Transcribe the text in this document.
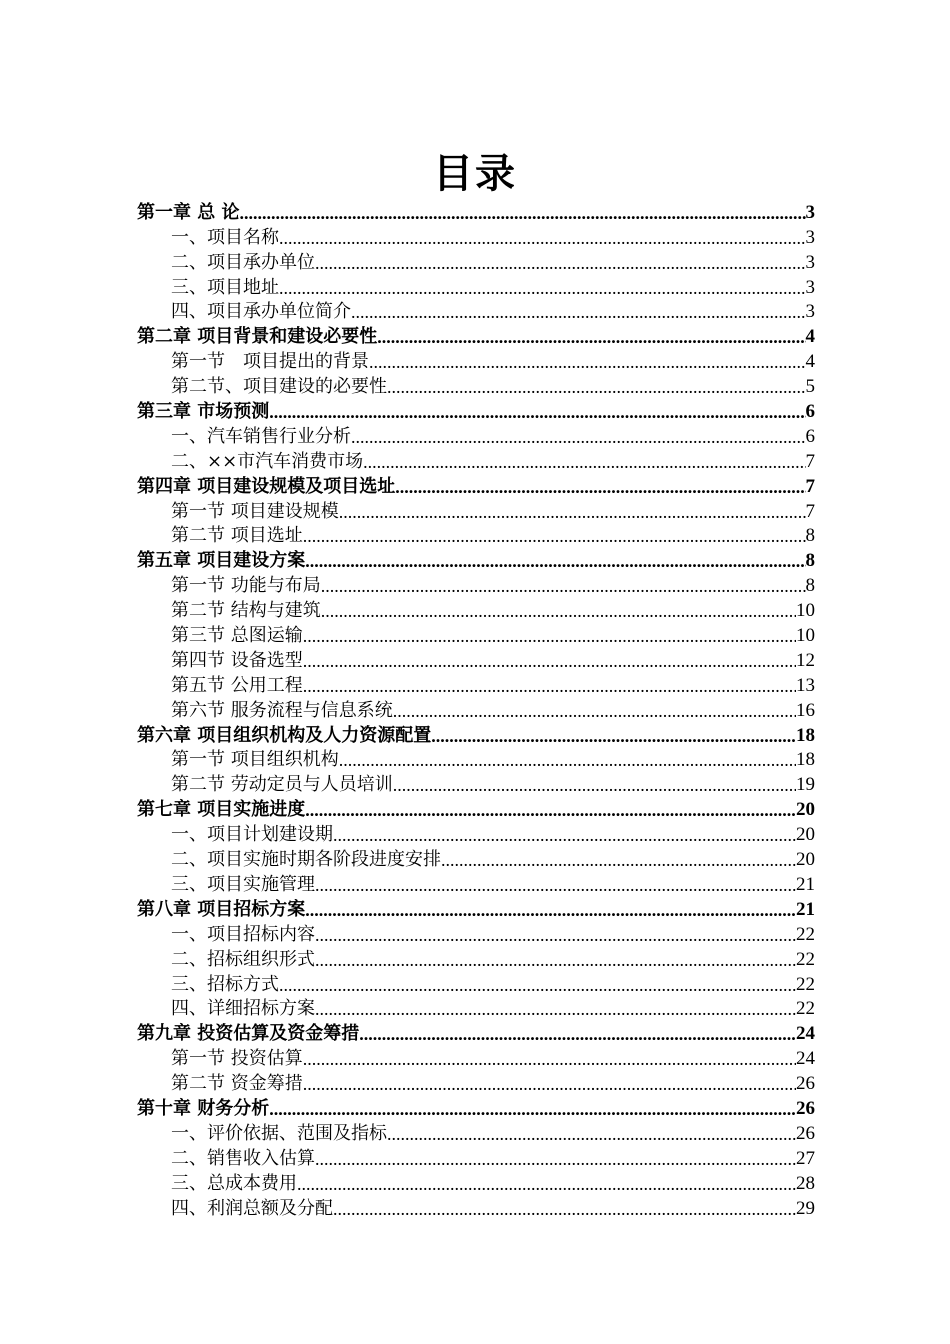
目录
第一章 总 论 .....	3
一、项目名称 .....	3
二、项目承办单位 .....	3
三、项目地址 .....	3
四、项目承办单位简介 .....	3
第二章 项目背景和建设必要性 .....	4
第一节　项目提出的背景 .....	4
第二节、项目建设的必要性 .....	5
第三章 市场预测 .....	6
一、汽车销售行业分析 .....	6
二、××市汽车消费市场 .....	7
第四章 项目建设规模及项目选址 .....	7
第一节 项目建设规模 .....	7
第二节 项目选址 .....	8
第五章 项目建设方案 .....	8
第一节 功能与布局 .....	8
第二节 结构与建筑 .....	10
第三节 总图运输 .....	10
第四节 设备选型 .....	12
第五节 公用工程 .....	13
第六节 服务流程与信息系统 .....	16
第六章 项目组织机构及人力资源配置 .....	18
第一节 项目组织机构 .....	18
第二节 劳动定员与人员培训 .....	19
第七章 项目实施进度 .....	20
一、项目计划建设期 .....	20
二、项目实施时期各阶段进度安排 .....	20
三、项目实施管理 .....	21
第八章 项目招标方案 .....	21
一、项目招标内容 .....	22
二、招标组织形式 .....	22
三、招标方式 .....	22
四、详细招标方案 .....	22
第九章 投资估算及资金筹措 .....	24
第一节 投资估算 .....	24
第二节 资金筹措 .....	26
第十章 财务分析 .....	26
一、评价依据、范围及指标 .....	26
二、销售收入估算 .....	27
三、总成本费用 .....	28
四、利润总额及分配 .....	29
